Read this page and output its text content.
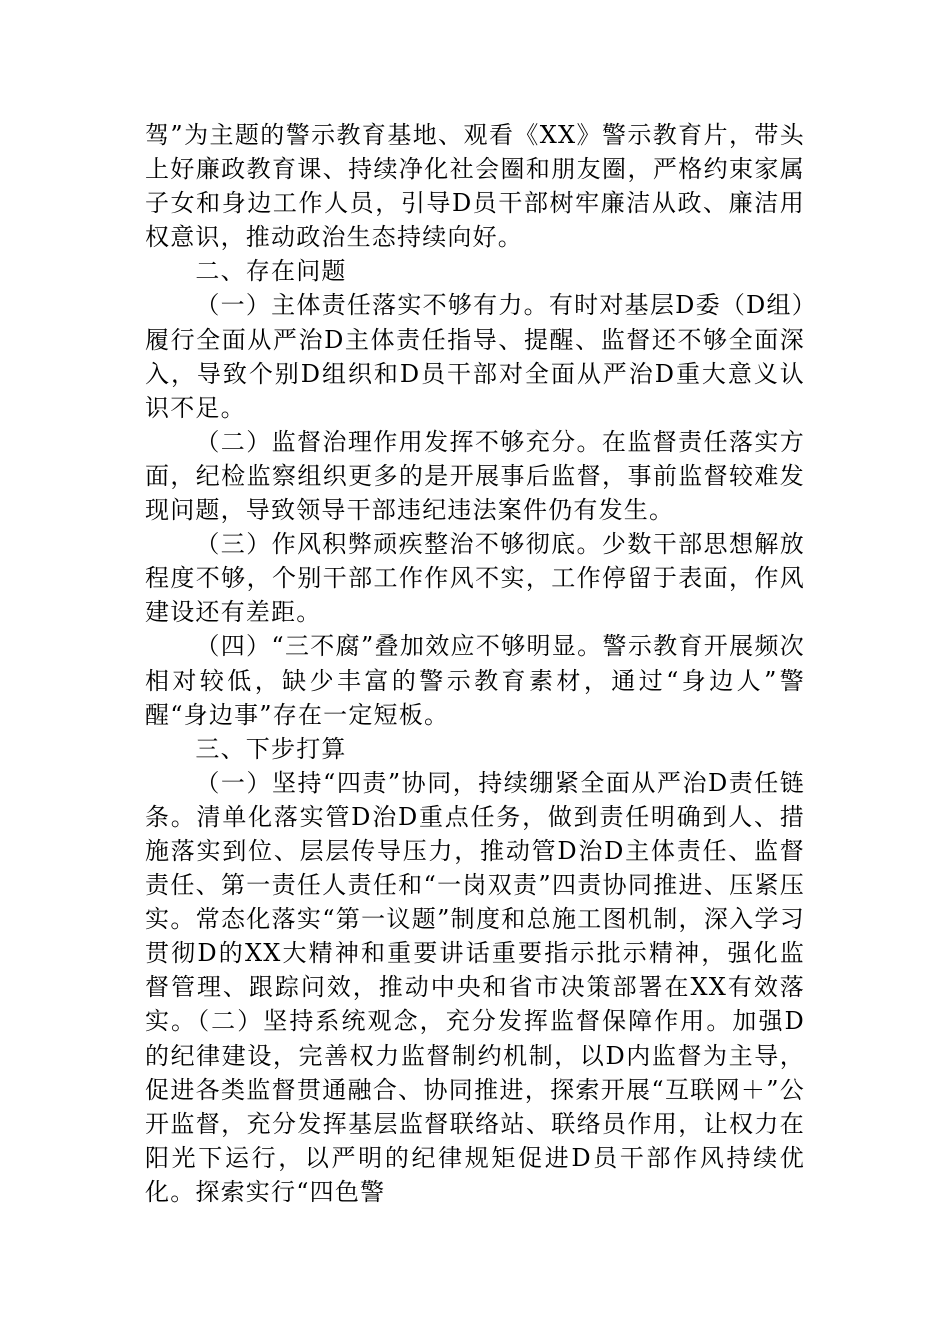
驾”为主题的警示教育基地、观看《XX》警示教育片，带头上好廉政教育课、持续净化社会圈和朋友圈，严格约束家属子女和身边工作人员，引导D员干部树牢廉洁从政、廉洁用权意识，推动政治生态持续向好。

二、存在问题

（一）主体责任落实不够有力。有时对基层D委（D组）履行全面从严治D主体责任指导、提醒、监督还不够全面深入，导致个别D组织和D员干部对全面从严治D重大意义认识不足。

（二）监督治理作用发挥不够充分。在监督责任落实方面，纪检监察组织更多的是开展事后监督，事前监督较难发现问题，导致领导干部违纪违法案件仍有发生。

（三）作风积弊顽疾整治不够彻底。少数干部思想解放程度不够，个别干部工作作风不实，工作停留于表面，作风建设还有差距。

（四）“三不腐”叠加效应不够明显。警示教育开展频次相对较低，缺少丰富的警示教育素材，通过“身边人”警醒“身边事”存在一定短板。

三、下步打算

（一）坚持“四责”协同，持续绷紧全面从严治D责任链条。清单化落实管D治D重点任务，做到责任明确到人、措施落实到位、层层传导压力，推动管D治D主体责任、监督责任、第一责任人责任和“一岗双责”四责协同推进、压紧压实。常态化落实“第一议题”制度和总施工图机制，深入学习贯彻D的XX大精神和重要讲话重要指示批示精神，强化监督管理、跟踪问效，推动中央和省市决策部署在XX有效落实。（二）坚持系统观念，充分发挥监督保障作用。加强D的纪律建设，完善权力监督制约机制，以D内监督为主导，促进各类监督贯通融合、协同推进，探索开展“互联网＋”公开监督，充分发挥基层监督联络站、联络员作用，让权力在阳光下运行，以严明的纪律规矩促进D员干部作风持续优化。探索实行“四色警
